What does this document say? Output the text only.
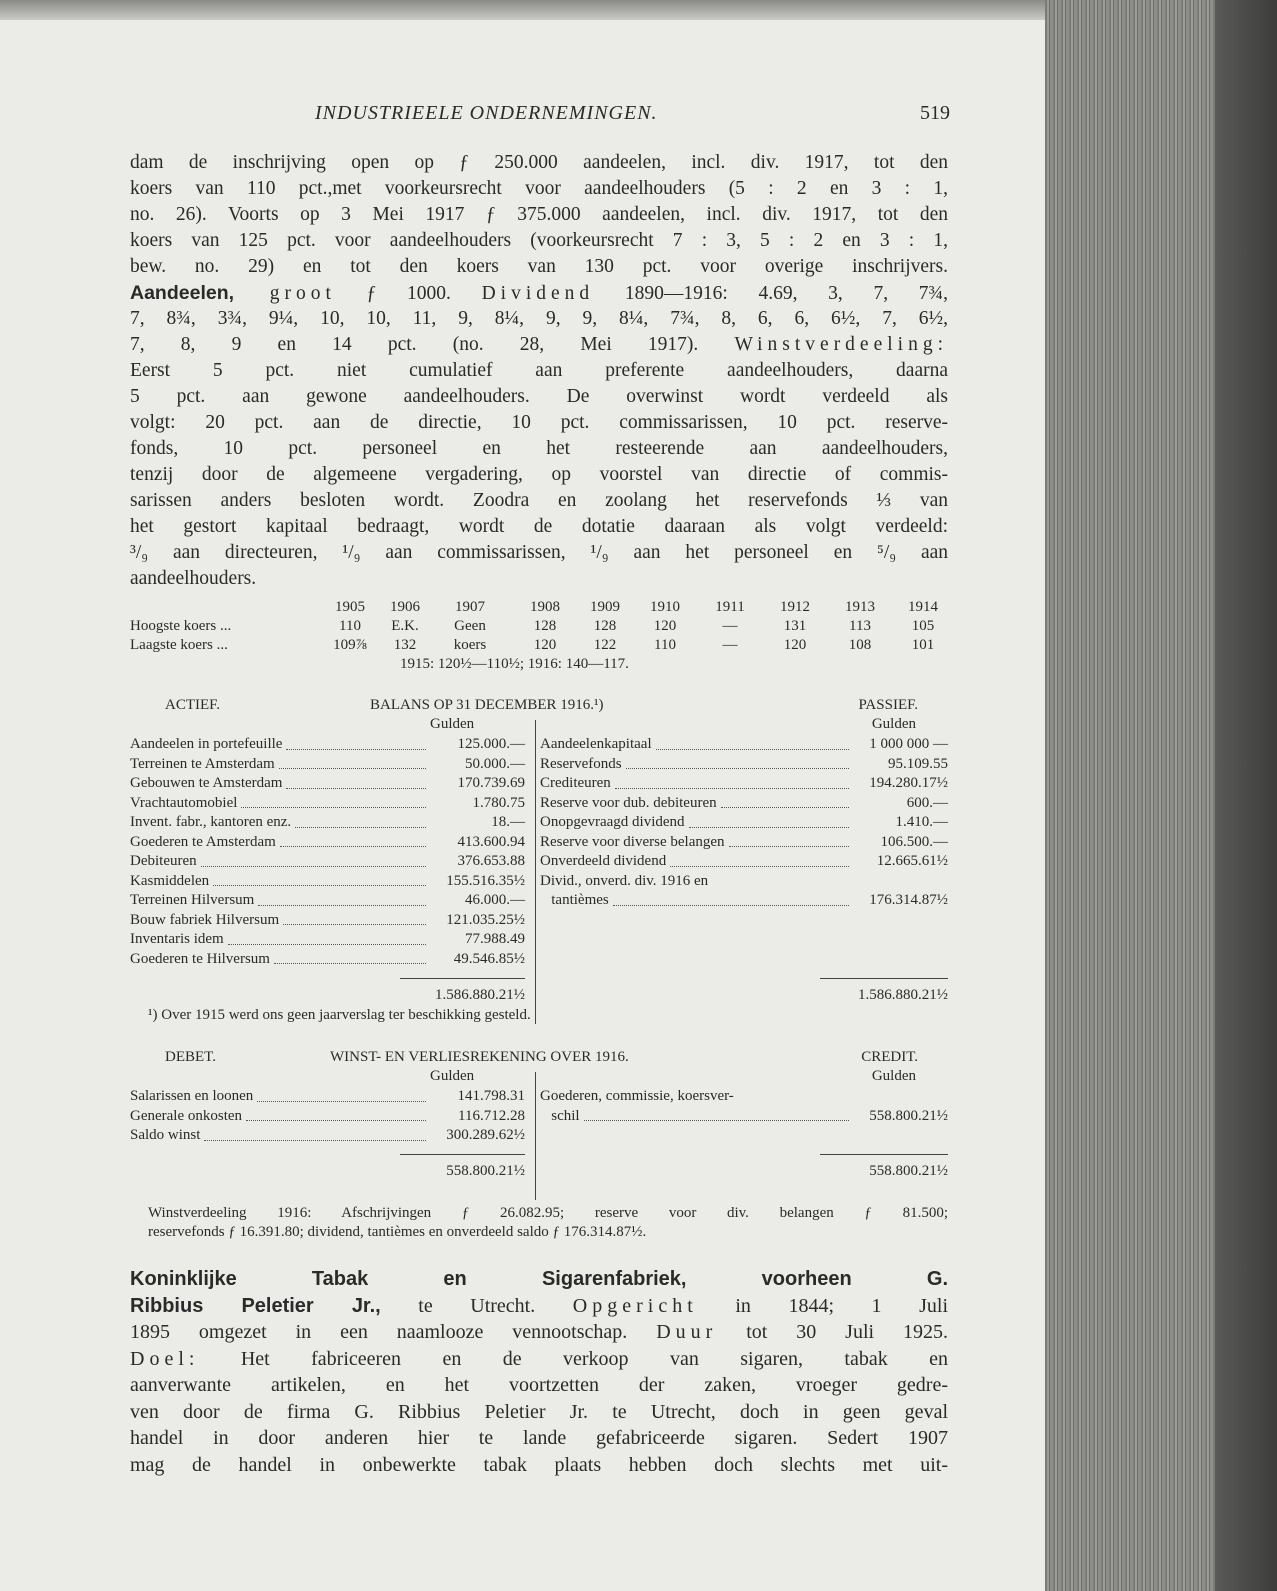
INDUSTRIEELE ONDERNEMINGEN.	519
dam de inschrijving open op ƒ 250.000 aandeelen, incl. div. 1917, tot den
koers van 110 pct.,met voorkeursrecht voor aandeelhouders (5 : 2 en 3 : 1,
no. 26). Voorts op 3 Mei 1917 ƒ 375.000 aandeelen, incl. div. 1917, tot den
koers van 125 pct. voor aandeelhouders (voorkeursrecht 7 : 3, 5 : 2 en 3 : 1,
bew. no. 29) en tot den koers van 130 pct. voor overige inschrijvers.
Aandeelen, groot ƒ 1000. Dividend 1890—1916: 4.69, 3, 7, 7¾,
7, 8¾, 3¾, 9¼, 10, 10, 11, 9, 8¼, 9, 9, 8¼, 7¾, 8, 6, 6, 6½, 7, 6½,
7, 8, 9 en 14 pct. (no. 28, Mei 1917). Winstverdeeling:
Eerst 5 pct. niet cumulatief aan preferente aandeelhouders, daarna
5 pct. aan gewone aandeelhouders. De overwinst wordt verdeeld als
volgt: 20 pct. aan de directie, 10 pct. commissarissen, 10 pct. reserve-
fonds, 10 pct. personeel en het resteerende aan aandeelhouders,
tenzij door de algemeene vergadering, op voorstel van directie of commis-
sarissen anders besloten wordt. Zoodra en zoolang het reservefonds ⅓ van
het gestort kapitaal bedraagt, wordt de dotatie daaraan als volgt verdeeld:
³/₉ aan directeuren, ¹/₉ aan commissarissen, ¹/₉ aan het personeel en ⁵/₉ aan
aandeelhouders.
1905	1906	1907	1908	1909	1910	1911	1912	1913	1914
Hoogste koers ...	110	E.K.	Geen	128	128	120	—	131	113	105
Laagste koers ...	109⅞	132	koers	120	122	110	—	120	108	101
1915: 120½—110½; 1916: 140—117.
ACTIEF.	BALANS OP 31 DECEMBER 1916.¹)	PASSIEF.
Gulden	Gulden
Aandeelen in portefeuille	125.000.—
Terreinen te Amsterdam	50.000.—
Gebouwen te Amsterdam	170.739.69
Vrachtautomobiel	1.780.75
Invent. fabr., kantoren enz.	18.—
Goederen te Amsterdam	413.600.94
Debiteuren	376.653.88
Kasmiddelen	155.516.35½
Terreinen Hilversum	46.000.—
Bouw fabriek Hilversum	121.035.25½
Inventaris idem	77.988.49
Goederen te Hilversum	49.546.85½
Aandeelenkapitaal	1 000 000 —
Reservefonds	95.109.55
Crediteuren	194.280.17½
Reserve voor dub. debiteuren	600.—
Onopgevraagd dividend	1.410.—
Reserve voor diverse belangen	106.500.—
Onverdeeld dividend	12.665.61½
Divid., onverd. div. 1916 en
tantièmes	176.314.87½
1.586.880.21½	1.586.880.21½
¹) Over 1915 werd ons geen jaarverslag ter beschikking gesteld.
DEBET.	WINST- EN VERLIESREKENING OVER 1916.	CREDIT.
Gulden	Gulden
Salarissen en loonen	141.798.31
Generale onkosten	116.712.28
Saldo winst	300.289.62½
Goederen, commissie, koersver-
schil	558.800.21½
558.800.21½	558.800.21½
Winstverdeeling 1916: Afschrijvingen ƒ 26.082.95; reserve voor div. belangen ƒ 81.500;
reservefonds ƒ 16.391.80; dividend, tantièmes en onverdeeld saldo ƒ 176.314.87½.
Koninklijke Tabak en Sigarenfabriek, voorheen G.
Ribbius Peletier Jr., te Utrecht. Opgericht in 1844; 1 Juli
1895 omgezet in een naamlooze vennootschap. Duur tot 30 Juli 1925.
Doel: Het fabriceeren en de verkoop van sigaren, tabak en
aanverwante artikelen, en het voortzetten der zaken, vroeger gedre-
ven door de firma G. Ribbius Peletier Jr. te Utrecht, doch in geen geval
handel in door anderen hier te lande gefabriceerde sigaren. Sedert 1907
mag de handel in onbewerkte tabak plaats hebben doch slechts met uit-
